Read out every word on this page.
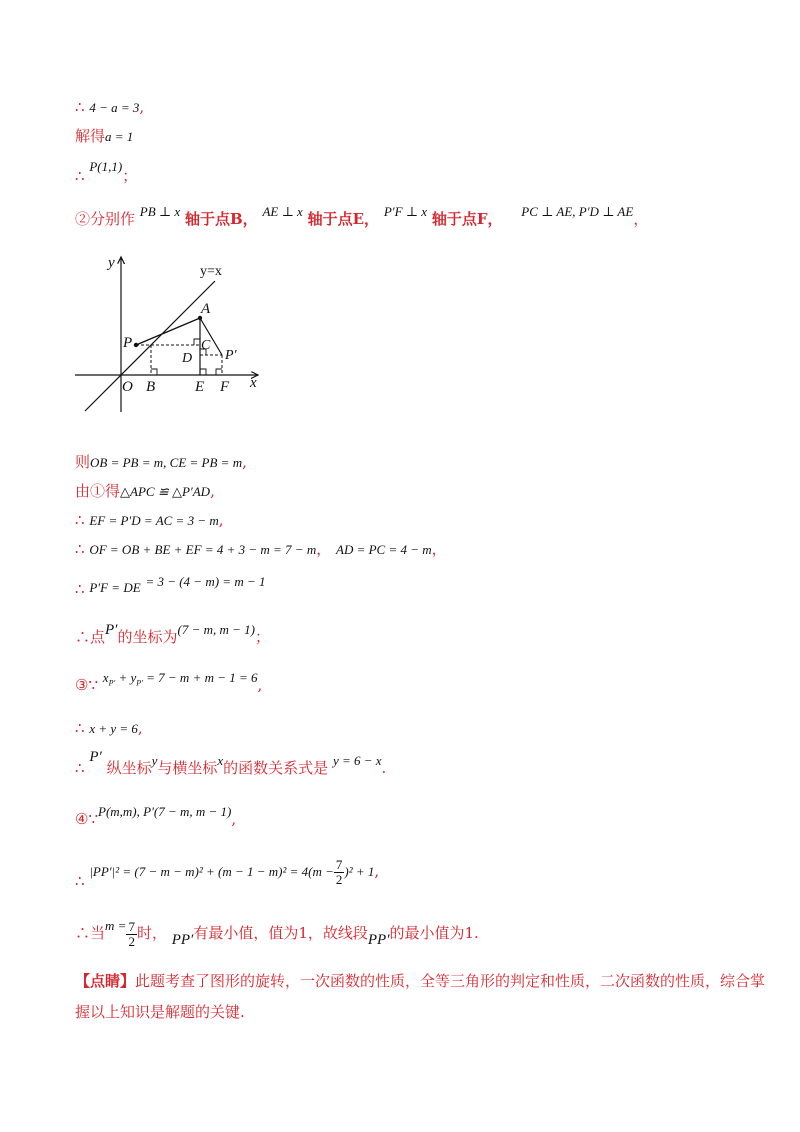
∴ 4 − a = 3,
解得a = 1
∴ P(1,1)；
②分别作 PB ⊥ x 轴于点B， AE ⊥ x 轴于点E， P′F ⊥ x 轴于点F， PC ⊥ AE, P′D ⊥ AE，
y
x
y=x
A
P	C
D P′
O B	E F
则OB = PB = m, CE = PB = m,
由①得△APC ≌ △P′AD,
∴ EF = P′D = AC = 3 − m,
∴ OF = OB + BE + EF = 4 + 3 − m = 7 − m， AD = PC = 4 − m，
∴ P′F = DE = 3 − (4 − m) = m − 1
∴点P′的坐标为(7 − m, m − 1)；
③∵ $x_{P'} + y_{P'} = 7 - m + m - 1 = 6$,
∴ x + y = 6,
∴ P′ 纵坐标y与横坐标x的函数关系式是 y = 6 − x.
④∵P(m,m), P′(7 − m, m − 1),
∴ $|PP'|^2 = (7 - m - m)^2 + (m - 1 - m)^2 = 4(m - \frac{7}{2} )^2 + 1$,
∴当$m = \frac{7}{2}$ 时， PP′有最小值，值为1，故线段PP′的最小值为1.
【点睛】此题考查了图形的旋转，一次函数的性质，全等三角形的判定和性质，二次函数的性质，综合掌
握以上知识是解题的关键.
